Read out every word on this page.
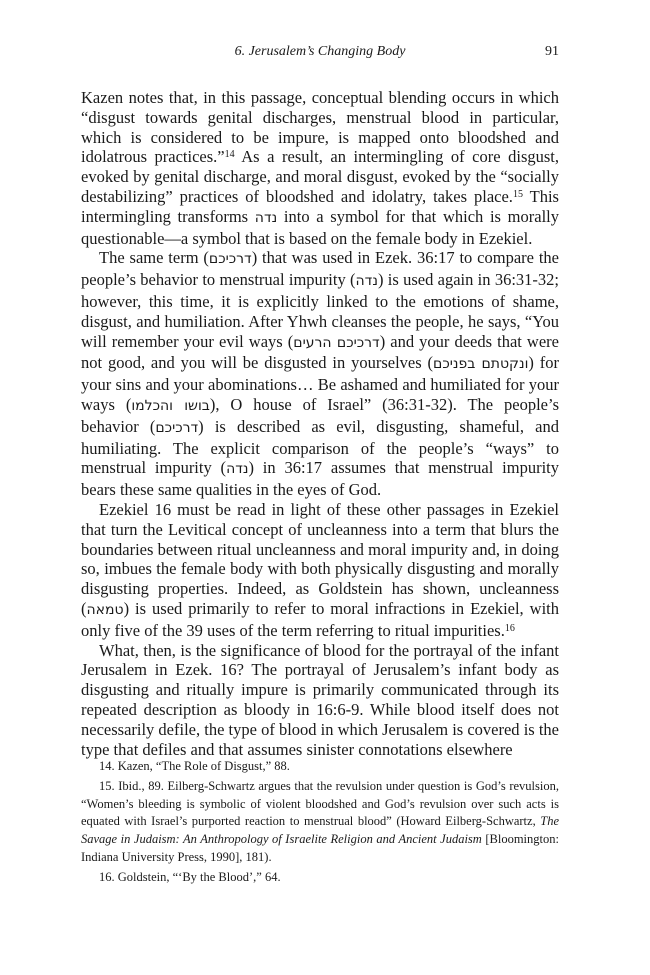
6. Jerusalem’s Changing Body	91

Kazen notes that, in this passage, conceptual blending occurs in which “disgust towards genital discharges, menstrual blood in particular, which is considered to be impure, is mapped onto bloodshed and idolatrous practices.”$^{14}$ As a result, an intermingling of core disgust, evoked by genital discharge, and moral disgust, evoked by the “socially destabilizing” practices of bloodshed and idolatry, takes place.$^{15}$ This intermingling transforms נדה into a symbol for that which is morally questionable—a symbol that is based on the female body in Ezekiel.

The same term (דרכיכם) that was used in Ezek. 36:17 to compare the people’s behavior to menstrual impurity (נדה) is used again in 36:31-32; however, this time, it is explicitly linked to the emotions of shame, disgust, and humiliation. After Yhwh cleanses the people, he says, “You will remember your evil ways (דרכיכם הרעים) and your deeds that were not good, and you will be disgusted in yourselves (ונקטתם בפניכם) for your sins and your abominations… Be ashamed and humiliated for your ways (בושו והכלמו), O house of Israel” (36:31-32). The people’s behavior (דרכיכם) is described as evil, disgusting, shameful, and humiliating. The explicit comparison of the people’s “ways” to menstrual impurity (נדה) in 36:17 assumes that menstrual impurity bears these same qualities in the eyes of God.

Ezekiel 16 must be read in light of these other passages in Ezekiel that turn the Levitical concept of uncleanness into a term that blurs the boundaries between ritual uncleanness and moral impurity and, in doing so, imbues the female body with both physically disgusting and morally disgusting properties. Indeed, as Goldstein has shown, uncleanness (טמאה) is used primarily to refer to moral infractions in Ezekiel, with only five of the 39 uses of the term referring to ritual impurities.$^{16}$

What, then, is the significance of blood for the portrayal of the infant Jerusalem in Ezek. 16? The portrayal of Jerusalem’s infant body as disgusting and ritually impure is primarily communicated through its repeated description as bloody in 16:6-9. While blood itself does not necessarily defile, the type of blood in which Jerusalem is covered is the type that defiles and that assumes sinister connotations elsewhere

14. Kazen, “The Role of Disgust,” 88.

15. Ibid., 89. Eilberg-Schwartz argues that the revulsion under question is God’s revulsion, “Women’s bleeding is symbolic of violent bloodshed and God’s revulsion over such acts is equated with Israel’s purported reaction to menstrual blood” (Howard Eilberg-Schwartz, The Savage in Judaism: An Anthropology of Israelite Religion and Ancient Judaism [Bloomington: Indiana University Press, 1990], 181).

16. Goldstein, “‘By the Blood’,” 64.
